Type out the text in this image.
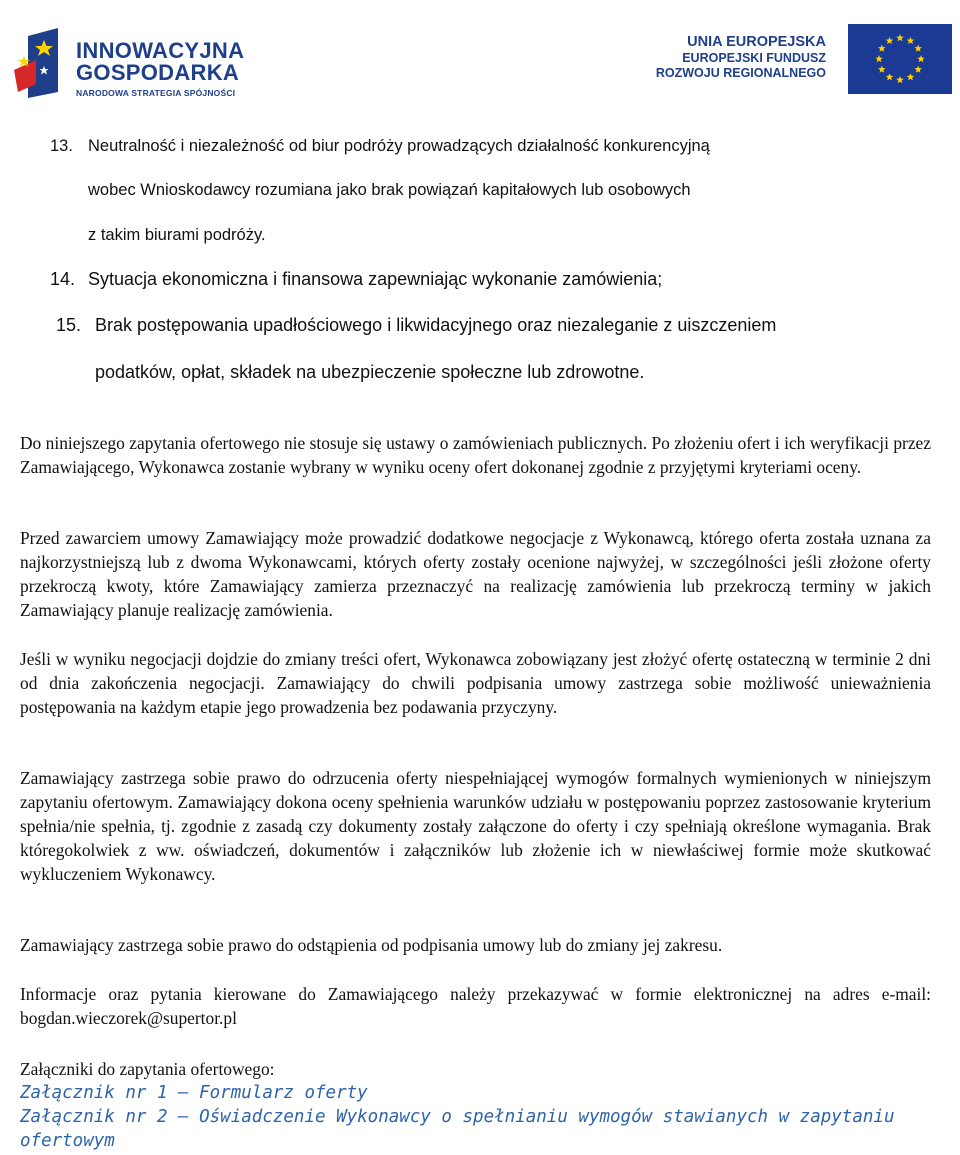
INNOWACYJNA
GOSPODARKA
NARODOWA STRATEGIA SPÓJNOŚCI
UNIA EUROPEJSKA
EUROPEJSKI FUNDUSZ
ROZWOJU REGIONALNEGO
13. Neutralność i niezależność od biur podróży prowadzących działalność konkurencyjną
wobec Wnioskodawcy rozumiana jako brak powiązań kapitałowych lub osobowych
z takim biurami podróży.
14. Sytuacja ekonomiczna i finansowa zapewniając wykonanie zamówienia;
15. Brak postępowania upadłościowego i likwidacyjnego oraz niezaleganie z uiszczeniem
podatków, opłat, składek na ubezpieczenie społeczne lub zdrowotne.

Do niniejszego zapytania ofertowego nie stosuje się ustawy o zamówieniach publicznych. Po złożeniu ofert i ich weryfikacji przez Zamawiającego, Wykonawca zostanie wybrany w wyniku oceny ofert dokonanej zgodnie z przyjętymi kryteriami oceny.

Przed zawarciem umowy Zamawiający może prowadzić dodatkowe negocjacje z Wykonawcą, którego oferta została uznana za najkorzystniejszą lub z dwoma Wykonawcami, których oferty zostały ocenione najwyżej, w szczególności jeśli złożone oferty przekroczą kwoty, które Zamawiający zamierza przeznaczyć na realizację zamówienia lub przekroczą terminy w jakich Zamawiający planuje realizację zamówienia.

Jeśli w wyniku negocjacji dojdzie do zmiany treści ofert, Wykonawca zobowiązany jest złożyć ofertę ostateczną w terminie 2 dni od dnia zakończenia negocjacji. Zamawiający do chwili podpisania umowy zastrzega sobie możliwość unieważnienia postępowania na każdym etapie jego prowadzenia bez podawania przyczyny.

Zamawiający zastrzega sobie prawo do odrzucenia oferty niespełniającej wymogów formalnych wymienionych w niniejszym zapytaniu ofertowym. Zamawiający dokona oceny spełnienia warunków udziału w postępowaniu poprzez zastosowanie kryterium spełnia/nie spełnia, tj. zgodnie z zasadą czy dokumenty zostały załączone do oferty i czy spełniają określone wymagania. Brak któregokolwiek z ww. oświadczeń, dokumentów i załączników lub złożenie ich w niewłaściwej formie może skutkować wykluczeniem Wykonawcy.

Zamawiający zastrzega sobie prawo do odstąpienia od podpisania umowy lub do zmiany jej zakresu.

Informacje oraz pytania kierowane do Zamawiającego należy przekazywać w formie elektronicznej na adres e-mail: bogdan.wieczorek@supertor.pl

Załączniki do zapytania ofertowego:
Załącznik nr 1 – Formularz oferty
Załącznik nr 2 – Oświadczenie Wykonawcy o spełnianiu wymogów stawianych w zapytaniu ofertowym
